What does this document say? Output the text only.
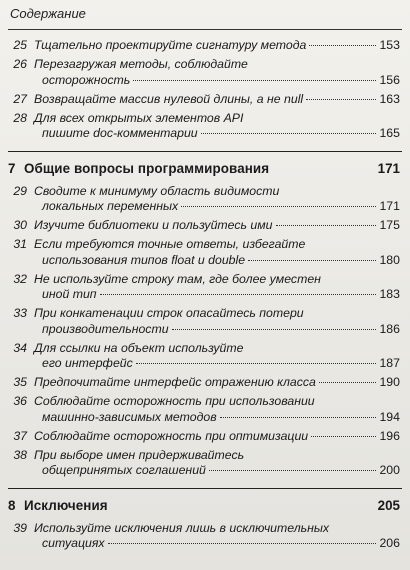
Содержание
25 Тщательно проектируйте сигнатуру метода	153
26 Перезагружая методы, соблюдайте
осторожность	156
27 Возвращайте массив нулевой длины, а не null	163
28 Для всех открытых элементов API
пишите doc-комментарии	165
7 Общие вопросы программирования	171
29 Сводите к минимуму область видимости
локальных переменных	171
30 Изучите библиотеки и пользуйтесь ими	175
31 Если требуются точные ответы, избегайте
использования типов float и double	180
32 Не используйте строку там, где более уместен
иной тип	183
33 При конкатенации строк опасайтесь потери
производительности	186
34 Для ссылки на объект используйте
его интерфейс	187
35 Предпочитайте интерфейс отражению класса	190
36 Соблюдайте осторожность при использовании
машинно-зависимых методов	194
37 Соблюдайте осторожность при оптимизации	196
38 При выборе имен придерживайтесь
общепринятых соглашений	200
8 Исключения	205
39 Используйте исключения лишь в исключительных
ситуациях	206
